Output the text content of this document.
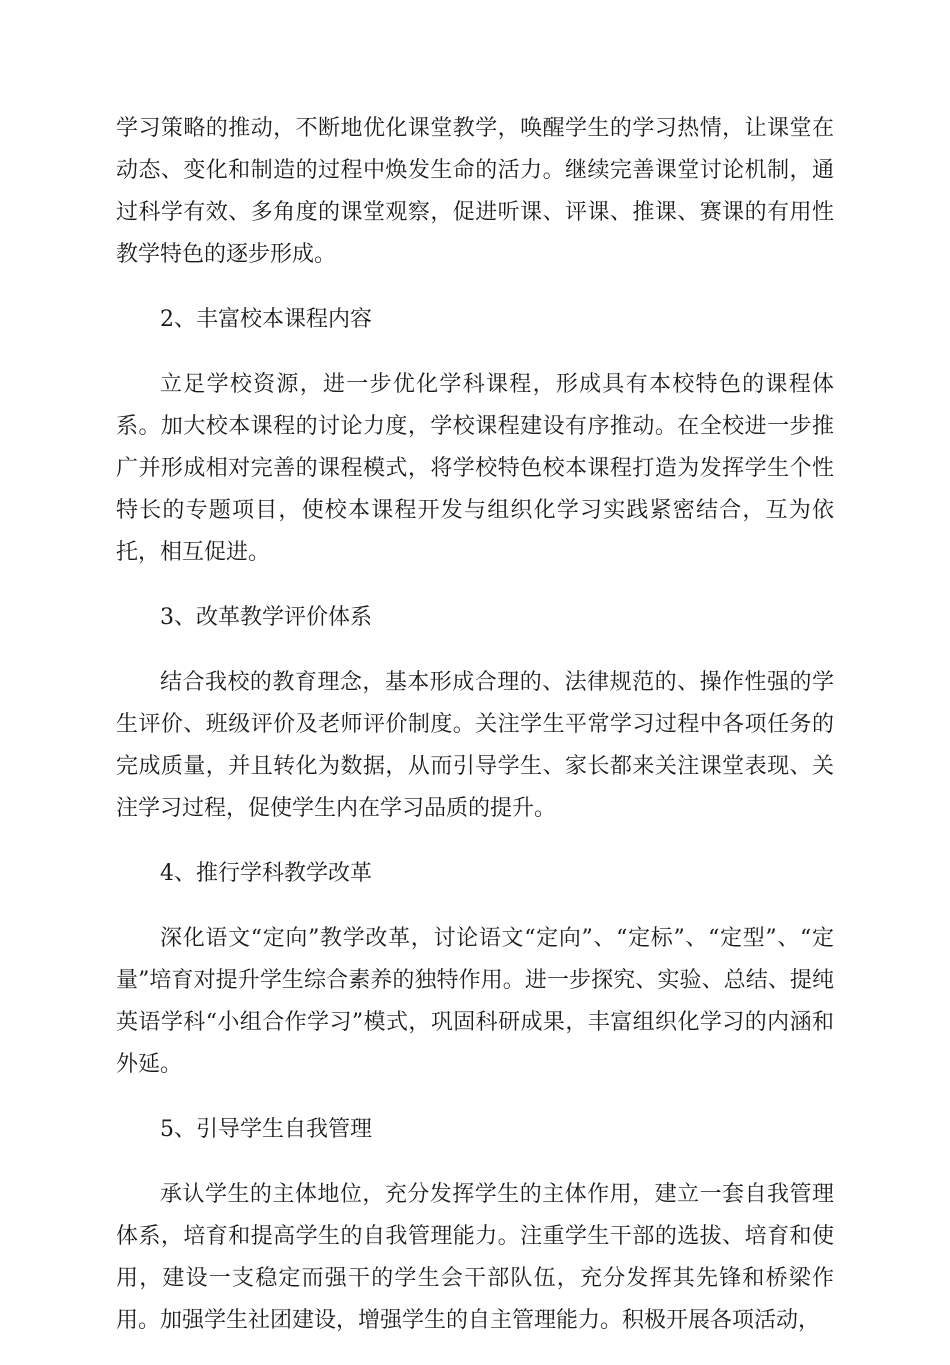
学习策略的推动，不断地优化课堂教学，唤醒学生的学习热情，让课堂在动态、变化和制造的过程中焕发生命的活力。继续完善课堂讨论机制，通过科学有效、多角度的课堂观察，促进听课、评课、推课、赛课的有用性教学特色的逐步形成。

2、丰富校本课程内容

立足学校资源，进一步优化学科课程，形成具有本校特色的课程体系。加大校本课程的讨论力度，学校课程建设有序推动。在全校进一步推广并形成相对完善的课程模式，将学校特色校本课程打造为发挥学生个性特长的专题项目，使校本课程开发与组织化学习实践紧密结合，互为依托，相互促进。

3、改革教学评价体系

结合我校的教育理念，基本形成合理的、法律规范的、操作性强的学生评价、班级评价及老师评价制度。关注学生平常学习过程中各项任务的完成质量，并且转化为数据，从而引导学生、家长都来关注课堂表现、关注学习过程，促使学生内在学习品质的提升。

4、推行学科教学改革

深化语文“定向”教学改革，讨论语文“定向”、“定标”、“定型”、“定量”培育对提升学生综合素养的独特作用。进一步探究、实验、总结、提纯英语学科“小组合作学习”模式，巩固科研成果，丰富组织化学习的内涵和外延。

5、引导学生自我管理

承认学生的主体地位，充分发挥学生的主体作用，建立一套自我管理体系，培育和提高学生的自我管理能力。注重学生干部的选拔、培育和使用，建设一支稳定而强干的学生会干部队伍，充分发挥其先锋和桥梁作用。加强学生社团建设，增强学生的自主管理能力。积极开展各项活动，
